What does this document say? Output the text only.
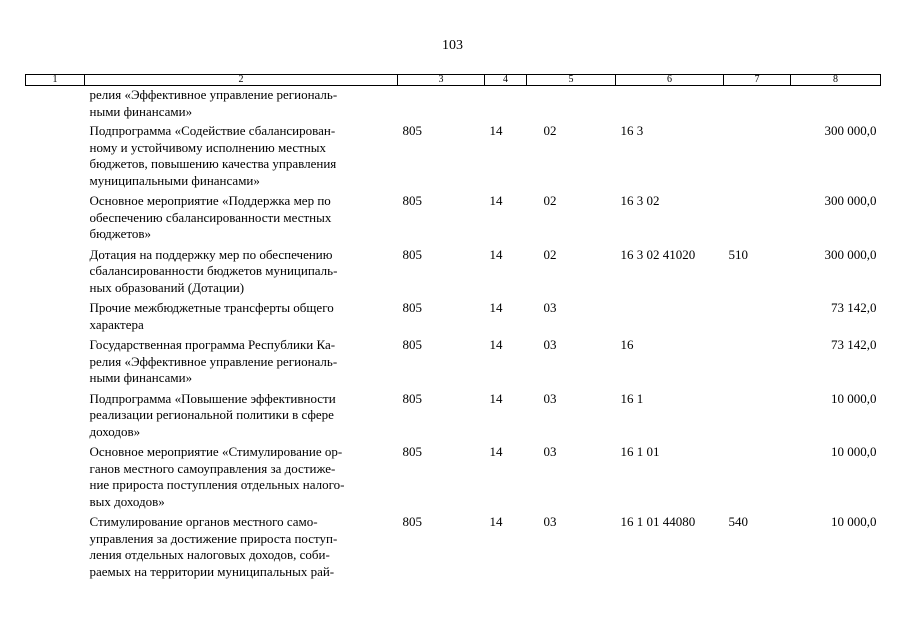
103
1	2	3	4	5	6	7	8
	релия «Эффективное управление региональ-
ными финансами»						
	Подпрограмма «Содействие сбалансирован-
ному и устойчивому исполнению местных
бюджетов, повышению качества управления
муниципальными финансами»	805	14	02	16 3		300 000,0
	Основное мероприятие «Поддержка мер по
обеспечению сбалансированности местных
бюджетов»	805	14	02	16 3 02		300 000,0
	Дотация на поддержку мер по обеспечению
сбалансированности бюджетов муниципаль-
ных образований (Дотации)	805	14	02	16 3 02 41020	510	300 000,0
	Прочие межбюджетные трансферты общего
характера	805	14	03			73 142,0
	Государственная программа Республики Ка-
релия «Эффективное управление региональ-
ными финансами»	805	14	03	16		73 142,0
	Подпрограмма «Повышение эффективности
реализации региональной политики в сфере
доходов»	805	14	03	16 1		10 000,0
	Основное мероприятие «Стимулирование ор-
ганов местного самоуправления за достиже-
ние прироста поступления отдельных налого-
вых доходов»	805	14	03	16 1 01		10 000,0
	Стимулирование органов местного само-
управления за достижение прироста поступ-
ления отдельных налоговых доходов, соби-
раемых на территории муниципальных рай-	805	14	03	16 1 01 44080	540	10 000,0
